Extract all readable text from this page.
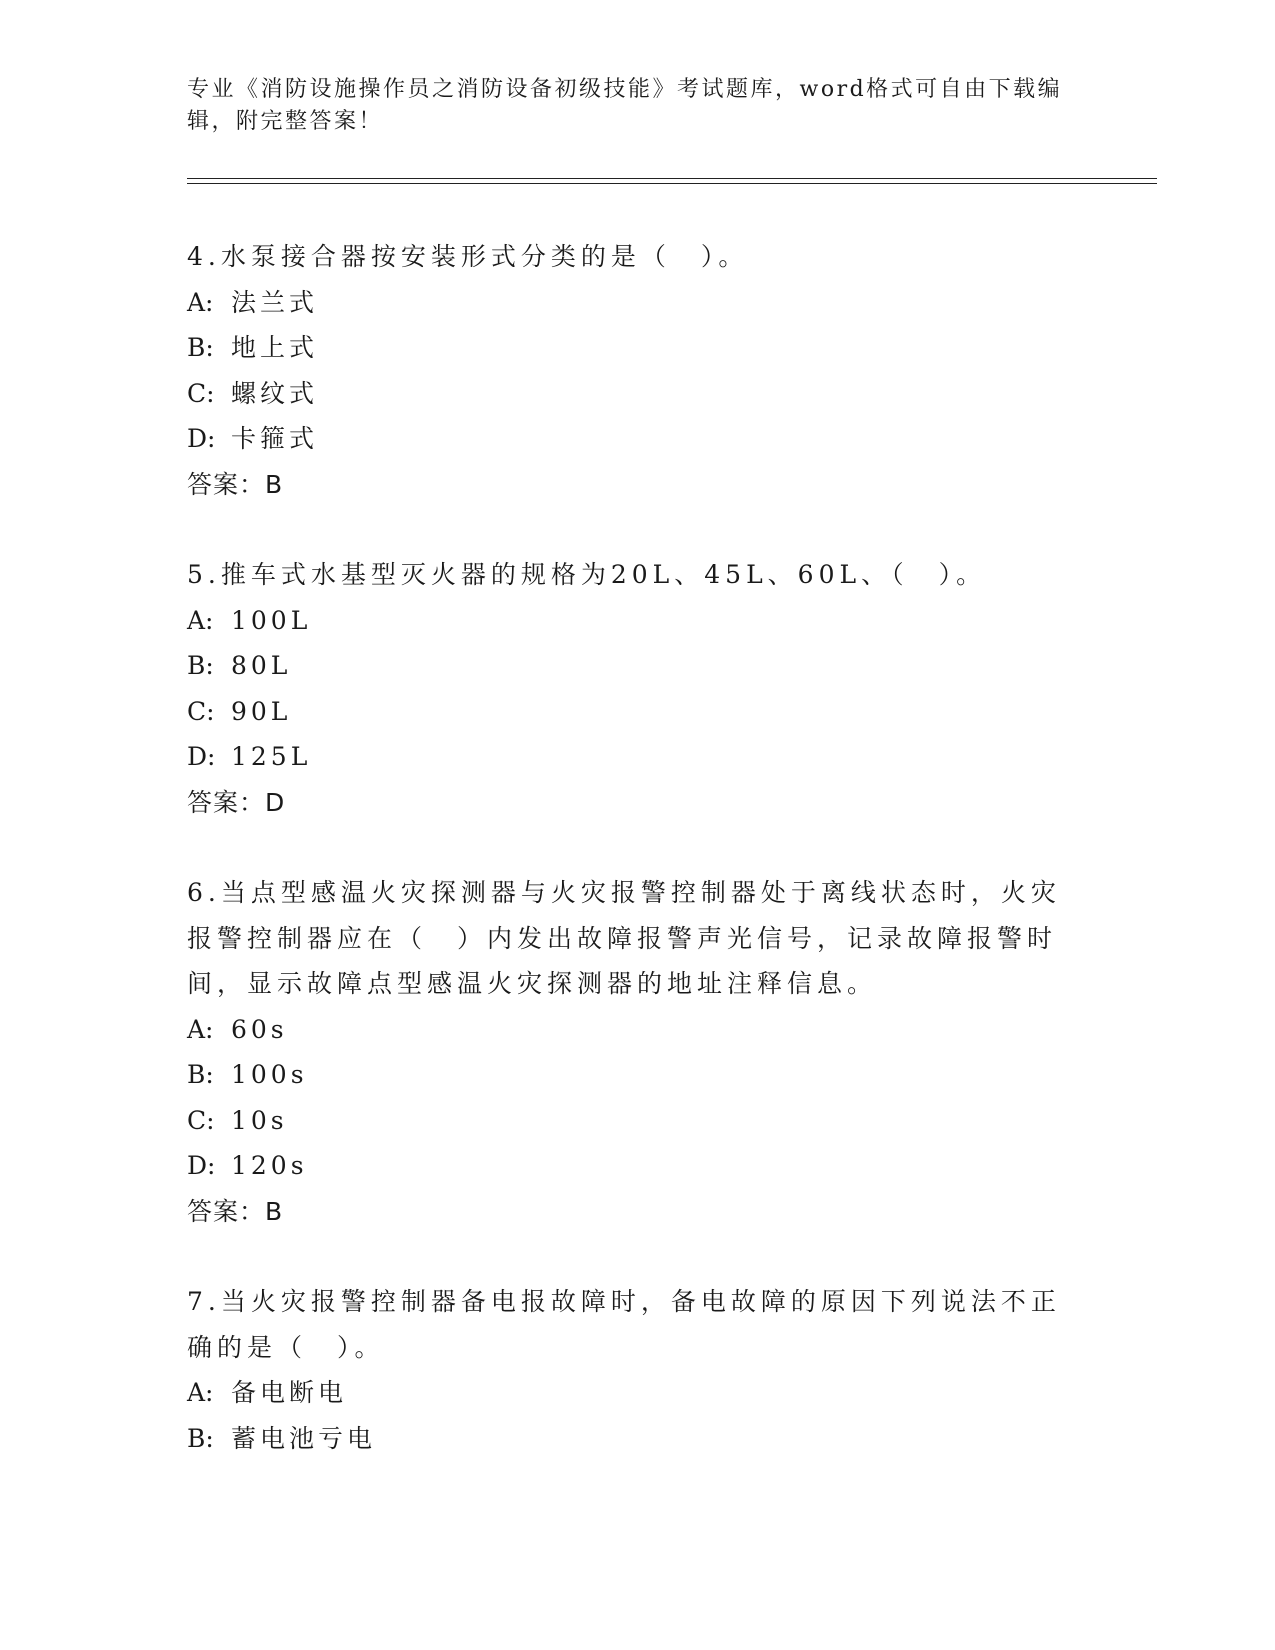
专业《消防设施操作员之消防设备初级技能》考试题库，word格式可自由下载编辑，附完整答案！
4.水泵接合器按安装形式分类的是（　）。
A: 法兰式
B: 地上式
C: 螺纹式
D: 卡箍式
答案：B
5.推车式水基型灭火器的规格为20L、45L、60L、（　）。
A: 100L
B: 80L
C: 90L
D: 125L
答案：D
6.当点型感温火灾探测器与火灾报警控制器处于离线状态时，火灾报警控制器应在（　）内发出故障报警声光信号，记录故障报警时间，显示故障点型感温火灾探测器的地址注释信息。
A: 60s
B: 100s
C: 10s
D: 120s
答案：B
7.当火灾报警控制器备电报故障时，备电故障的原因下列说法不正确的是（　）。
A: 备电断电
B: 蓄电池亏电
